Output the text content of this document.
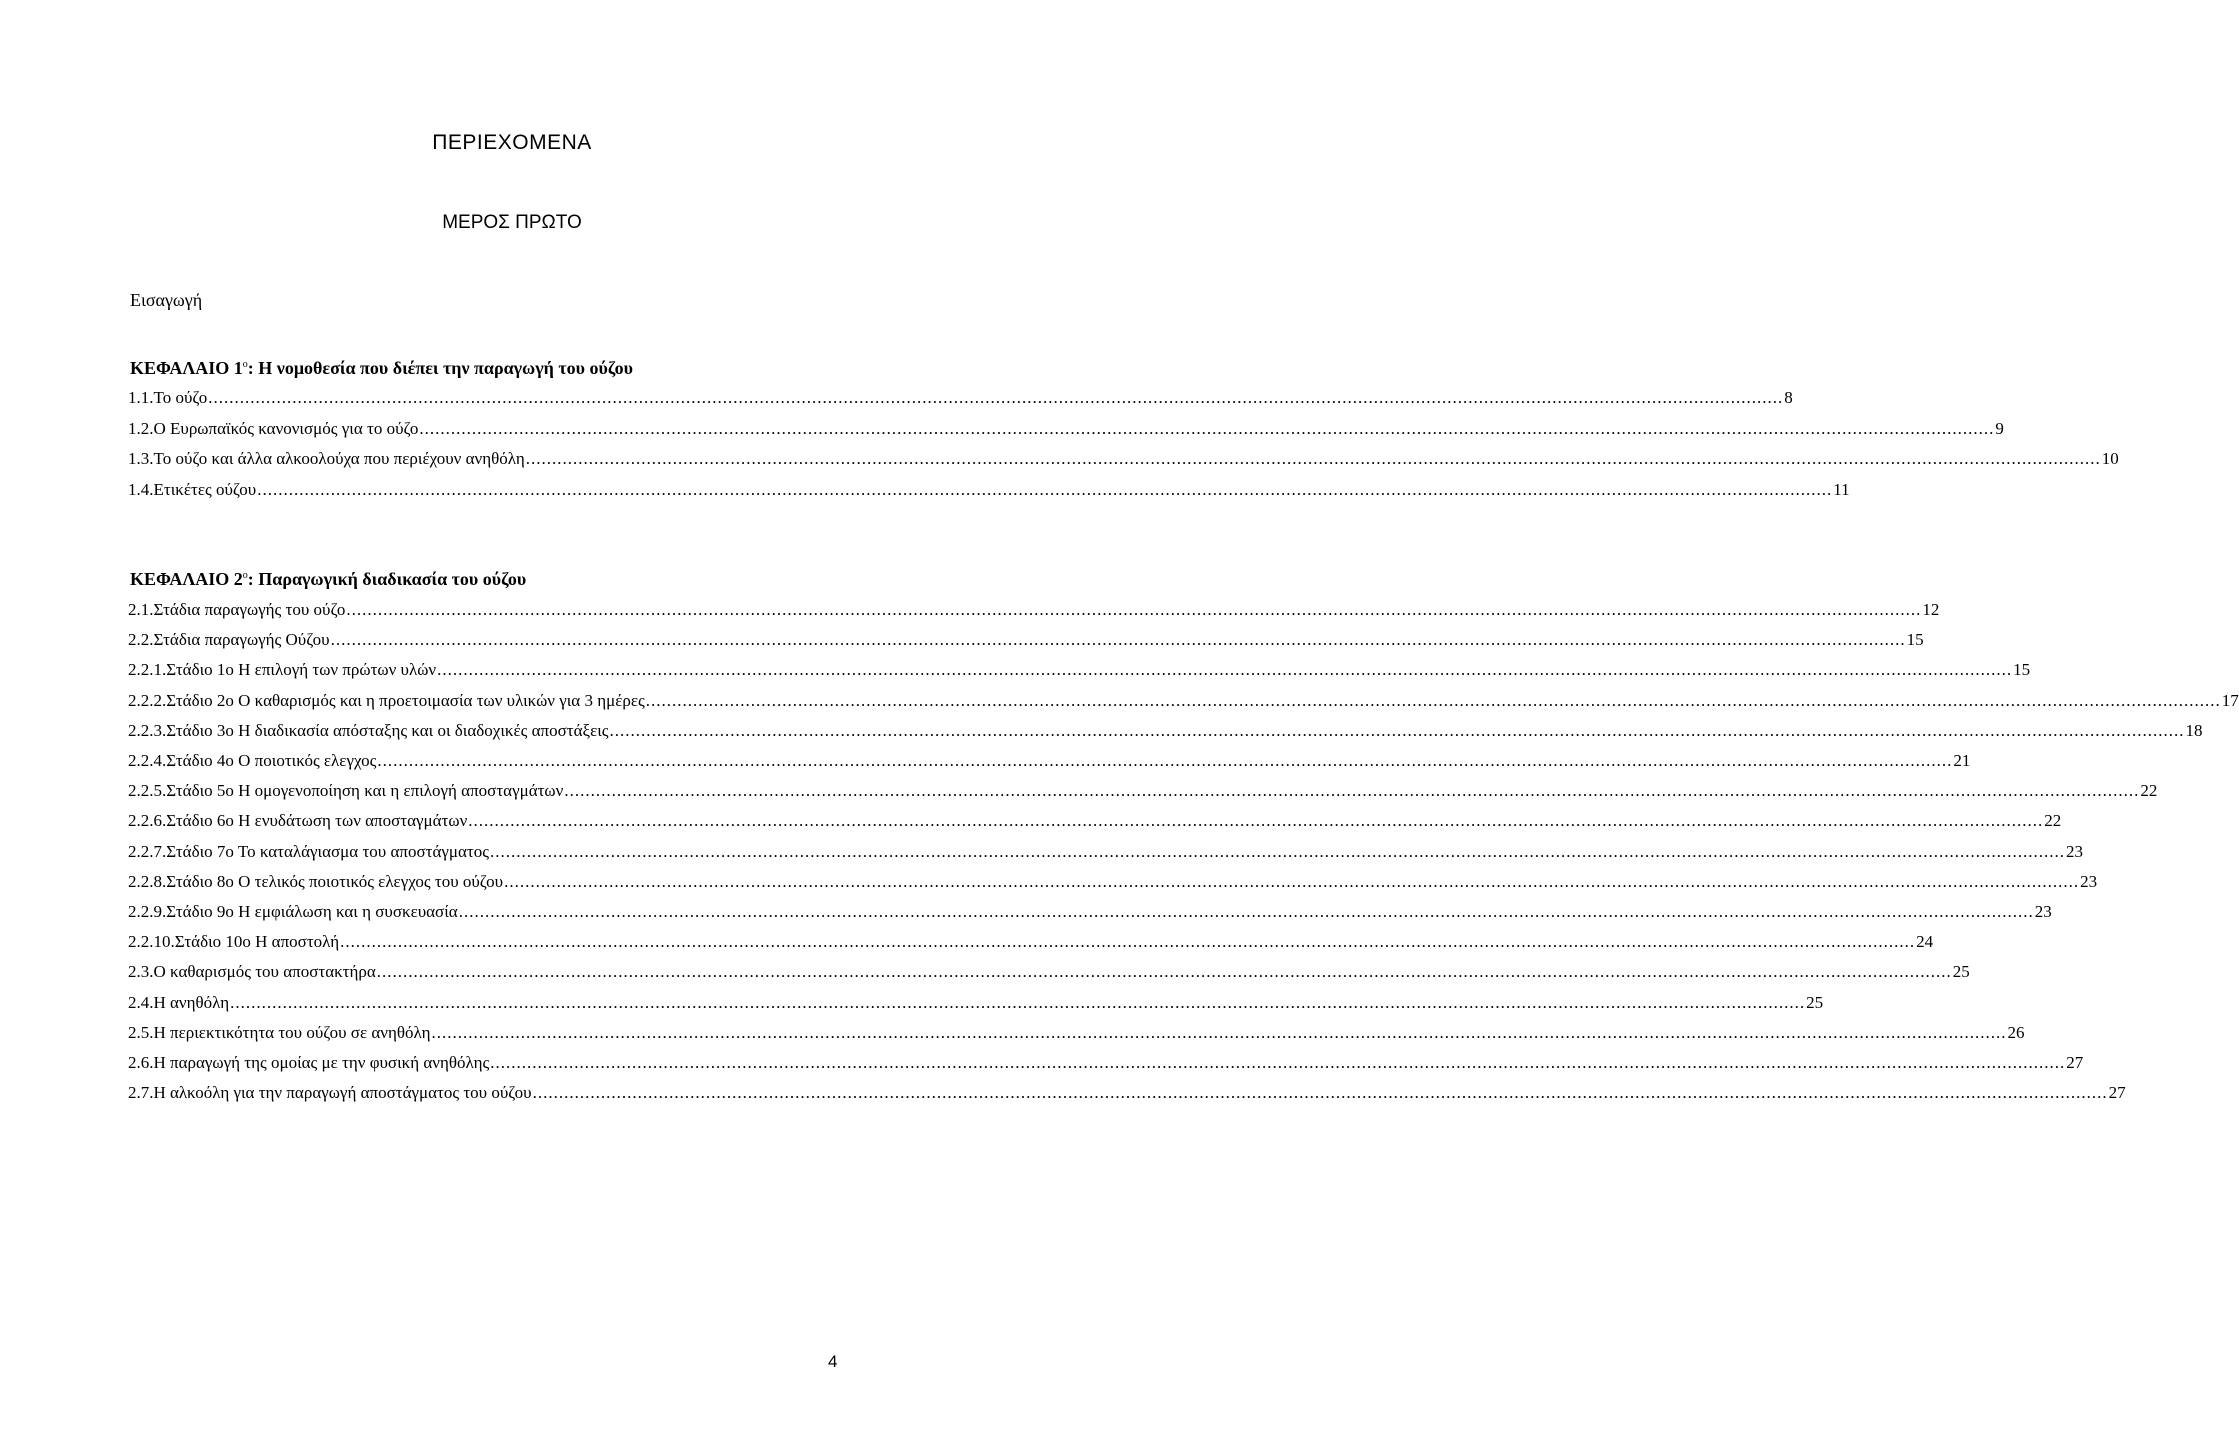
ΠΕΡΙΕΧΟΜΕΝΑ
ΜΕΡΟΣ ΠΡΩΤΟ
Εισαγωγή
ΚΕΦΑΛΑΙΟ $1^o$: Η νομοθεσία που διέπει την παραγωγή του ούζου
1.1. Το ούζο ............................................................................................................................................................................................................................................................................................................ 8
1.2. Ο Ευρωπαϊκός κανονισμός για το ούζο ............................................................................................................................................................................................................................................................................................................ 9
1.3. Το ούζο και άλλα αλκοολούχα που περιέχουν ανηθόλη ............................................................................................................................................................................................................................................................................................................ 10
1.4. Ετικέτες ούζου ............................................................................................................................................................................................................................................................................................................ 11
ΚΕΦΑΛΑΙΟ $2^o$: Παραγωγική διαδικασία του ούζου
2.1. Στάδια παραγωγής του ούζο ............................................................................................................................................................................................................................................................................................................ 12
2.2. Στάδια παραγωγής Ούζου ............................................................................................................................................................................................................................................................................................................ 15
2.2.1. Στάδιο 1ο Η επιλογή των πρώτων υλών ............................................................................................................................................................................................................................................................................................................ 15
2.2.2. Στάδιο 2ο Ο καθαρισμός και η προετοιμασία των υλικών για 3 ημέρες ............................................................................................................................................................................................................................................................................................................ 17
2.2.3. Στάδιο 3ο Η διαδικασία απόσταξης και οι διαδοχικές αποστάξεις ............................................................................................................................................................................................................................................................................................................ 18
2.2.4. Στάδιο 4ο Ο ποιοτικός ελεγχος ............................................................................................................................................................................................................................................................................................................ 21
2.2.5. Στάδιο 5ο Η ομογενοποίηση και η επιλογή αποσταγμάτων ............................................................................................................................................................................................................................................................................................................ 22
2.2.6. Στάδιο 6ο Η ενυδάτωση των αποσταγμάτων ............................................................................................................................................................................................................................................................................................................ 22
2.2.7. Στάδιο 7ο Το καταλάγιασμα του αποστάγματος ............................................................................................................................................................................................................................................................................................................ 23
2.2.8. Στάδιο 8ο Ο τελικός ποιοτικός ελεγχος του ούζου ............................................................................................................................................................................................................................................................................................................ 23
2.2.9. Στάδιο 9ο Η εμφιάλωση και η συσκευασία ............................................................................................................................................................................................................................................................................................................ 23
2.2.10. Στάδιο 10ο Η αποστολή ............................................................................................................................................................................................................................................................................................................ 24
2.3. Ο καθαρισμός του αποστακτήρα ............................................................................................................................................................................................................................................................................................................ 25
2.4. Η ανηθόλη ............................................................................................................................................................................................................................................................................................................ 25
2.5. Η περιεκτικότητα του ούζου σε ανηθόλη ............................................................................................................................................................................................................................................................................................................ 26
2.6. Η παραγωγή της ομοίας με την φυσική ανηθόλης ............................................................................................................................................................................................................................................................................................................ 27
2.7. Η αλκοόλη για την παραγωγή αποστάγματος του ούζου ............................................................................................................................................................................................................................................................................................................ 27
4
